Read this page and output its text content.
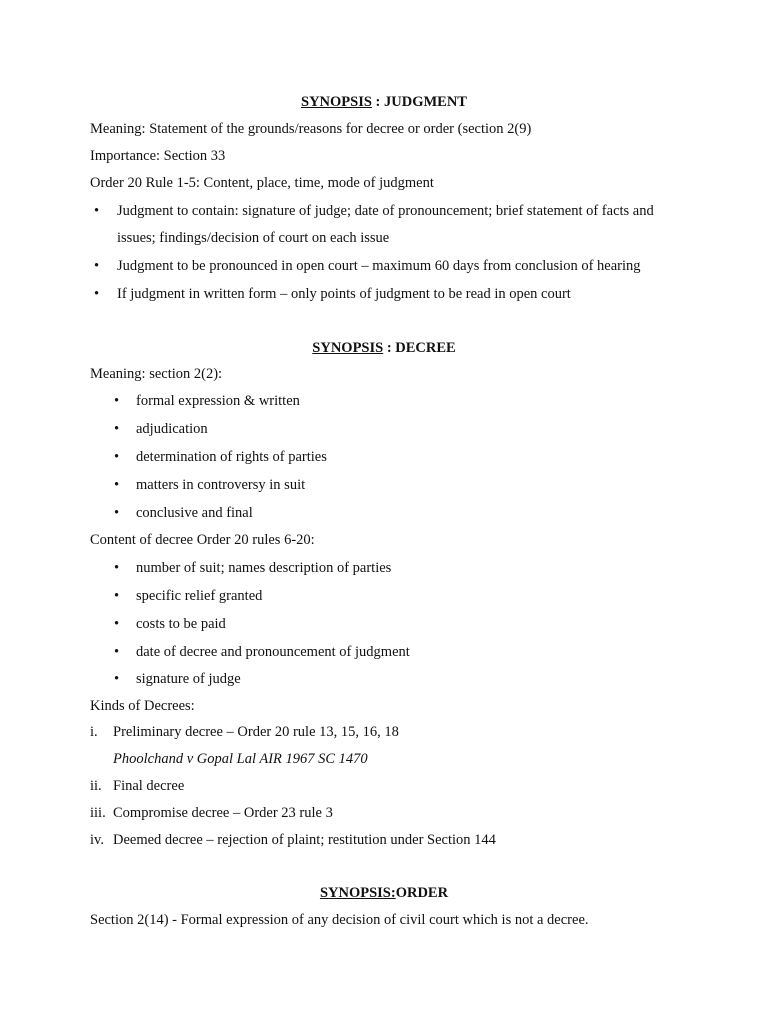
SYNOPSIS : JUDGMENT
Meaning: Statement of the grounds/reasons for decree or order (section 2(9)
Importance: Section 33
Order 20 Rule 1-5: Content, place, time, mode of judgment
• Judgment to contain: signature of judge; date of pronouncement; brief statement of facts and
issues; findings/decision of court on each issue
• Judgment to be pronounced in open court – maximum 60 days from conclusion of hearing
• If judgment in written form – only points of judgment to be read in open court
SYNOPSIS : DECREE
Meaning: section 2(2):
• formal expression & written
• adjudication
• determination of rights of parties
• matters in controversy in suit
• conclusive and final
Content of decree Order 20 rules 6-20:
• number of suit; names description of parties
• specific relief granted
• costs to be paid
• date of decree and pronouncement of judgment
• signature of judge
Kinds of Decrees:
i. Preliminary decree – Order 20 rule 13, 15, 16, 18
Phoolchand v Gopal Lal AIR 1967 SC 1470
ii. Final decree
iii. Compromise decree – Order 23 rule 3
iv. Deemed decree – rejection of plaint; restitution under Section 144
SYNOPSIS:ORDER
Section 2(14) - Formal expression of any decision of civil court which is not a decree.
